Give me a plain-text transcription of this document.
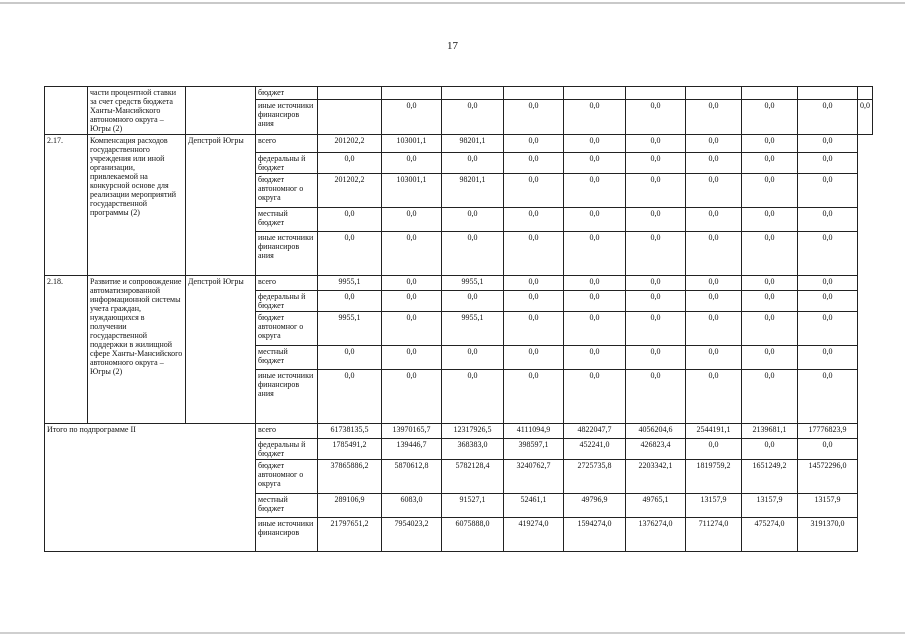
17
	части процентной ставки за счет средств бюджета Ханты-Мансийского автономного округа – Югры (2)		бюджет										
			иные источники финансиров ания		0,0	0,0	0,0	0,0	0,0	0,0	0,0	0,0	0,0
2.17.	Компенсация расходов государственного учреждения или иной организации, привлекаемой на конкурсной основе для реализации мероприятий государственной программы (2)	Депстрой Югры	всего	201202,2	103001,1	98201,1	0,0	0,0	0,0	0,0	0,0	0,0	
			федеральны й бюджет	0,0	0,0	0,0	0,0	0,0	0,0	0,0	0,0	0,0	
			бюджет автономног о округа	201202,2	103001,1	98201,1	0,0	0,0	0,0	0,0	0,0	0,0	
			местный бюджет	0,0	0,0	0,0	0,0	0,0	0,0	0,0	0,0	0,0	
			иные источники финансиров ания	0,0	0,0	0,0	0,0	0,0	0,0	0,0	0,0	0,0	
2.18.	Развитие и сопровождение автоматизированной информационной системы учета граждан, нуждающихся в получении государственной поддержки в жилищной сфере Ханты-Мансийского автономного округа – Югры (2)	Депстрой Югры	всего	9955,1	0,0	9955,1	0,0	0,0	0,0	0,0	0,0	0,0	
			федеральны й бюджет	0,0	0,0	0,0	0,0	0,0	0,0	0,0	0,0	0,0	
			бюджет автономног о округа	9955,1	0,0	9955,1	0,0	0,0	0,0	0,0	0,0	0,0	
			местный бюджет	0,0	0,0	0,0	0,0	0,0	0,0	0,0	0,0	0,0	
			иные источники финансиров ания	0,0	0,0	0,0	0,0	0,0	0,0	0,0	0,0	0,0	
Итого по подпрограмме II			всего	61738135,5	13970165,7	12317926,5	4111094,9	4822047,7	4056204,6	2544191,1	2139681,1	17776823,9	
			федеральны й бюджет	1785491,2	139446,7	368383,0	398597,1	452241,0	426823,4	0,0	0,0	0,0	
			бюджет автономног о округа	37865886,2	5870612,8	5782128,4	3240762,7	2725735,8	2203342,1	1819759,2	1651249,2	14572296,0	
			местный бюджет	289106,9	6083,0	91527,1	52461,1	49796,9	49765,1	13157,9	13157,9	13157,9	
			иные источники финансиров	21797651,2	7954023,2	6075888,0	419274,0	1594274,0	1376274,0	711274,0	475274,0	3191370,0	
